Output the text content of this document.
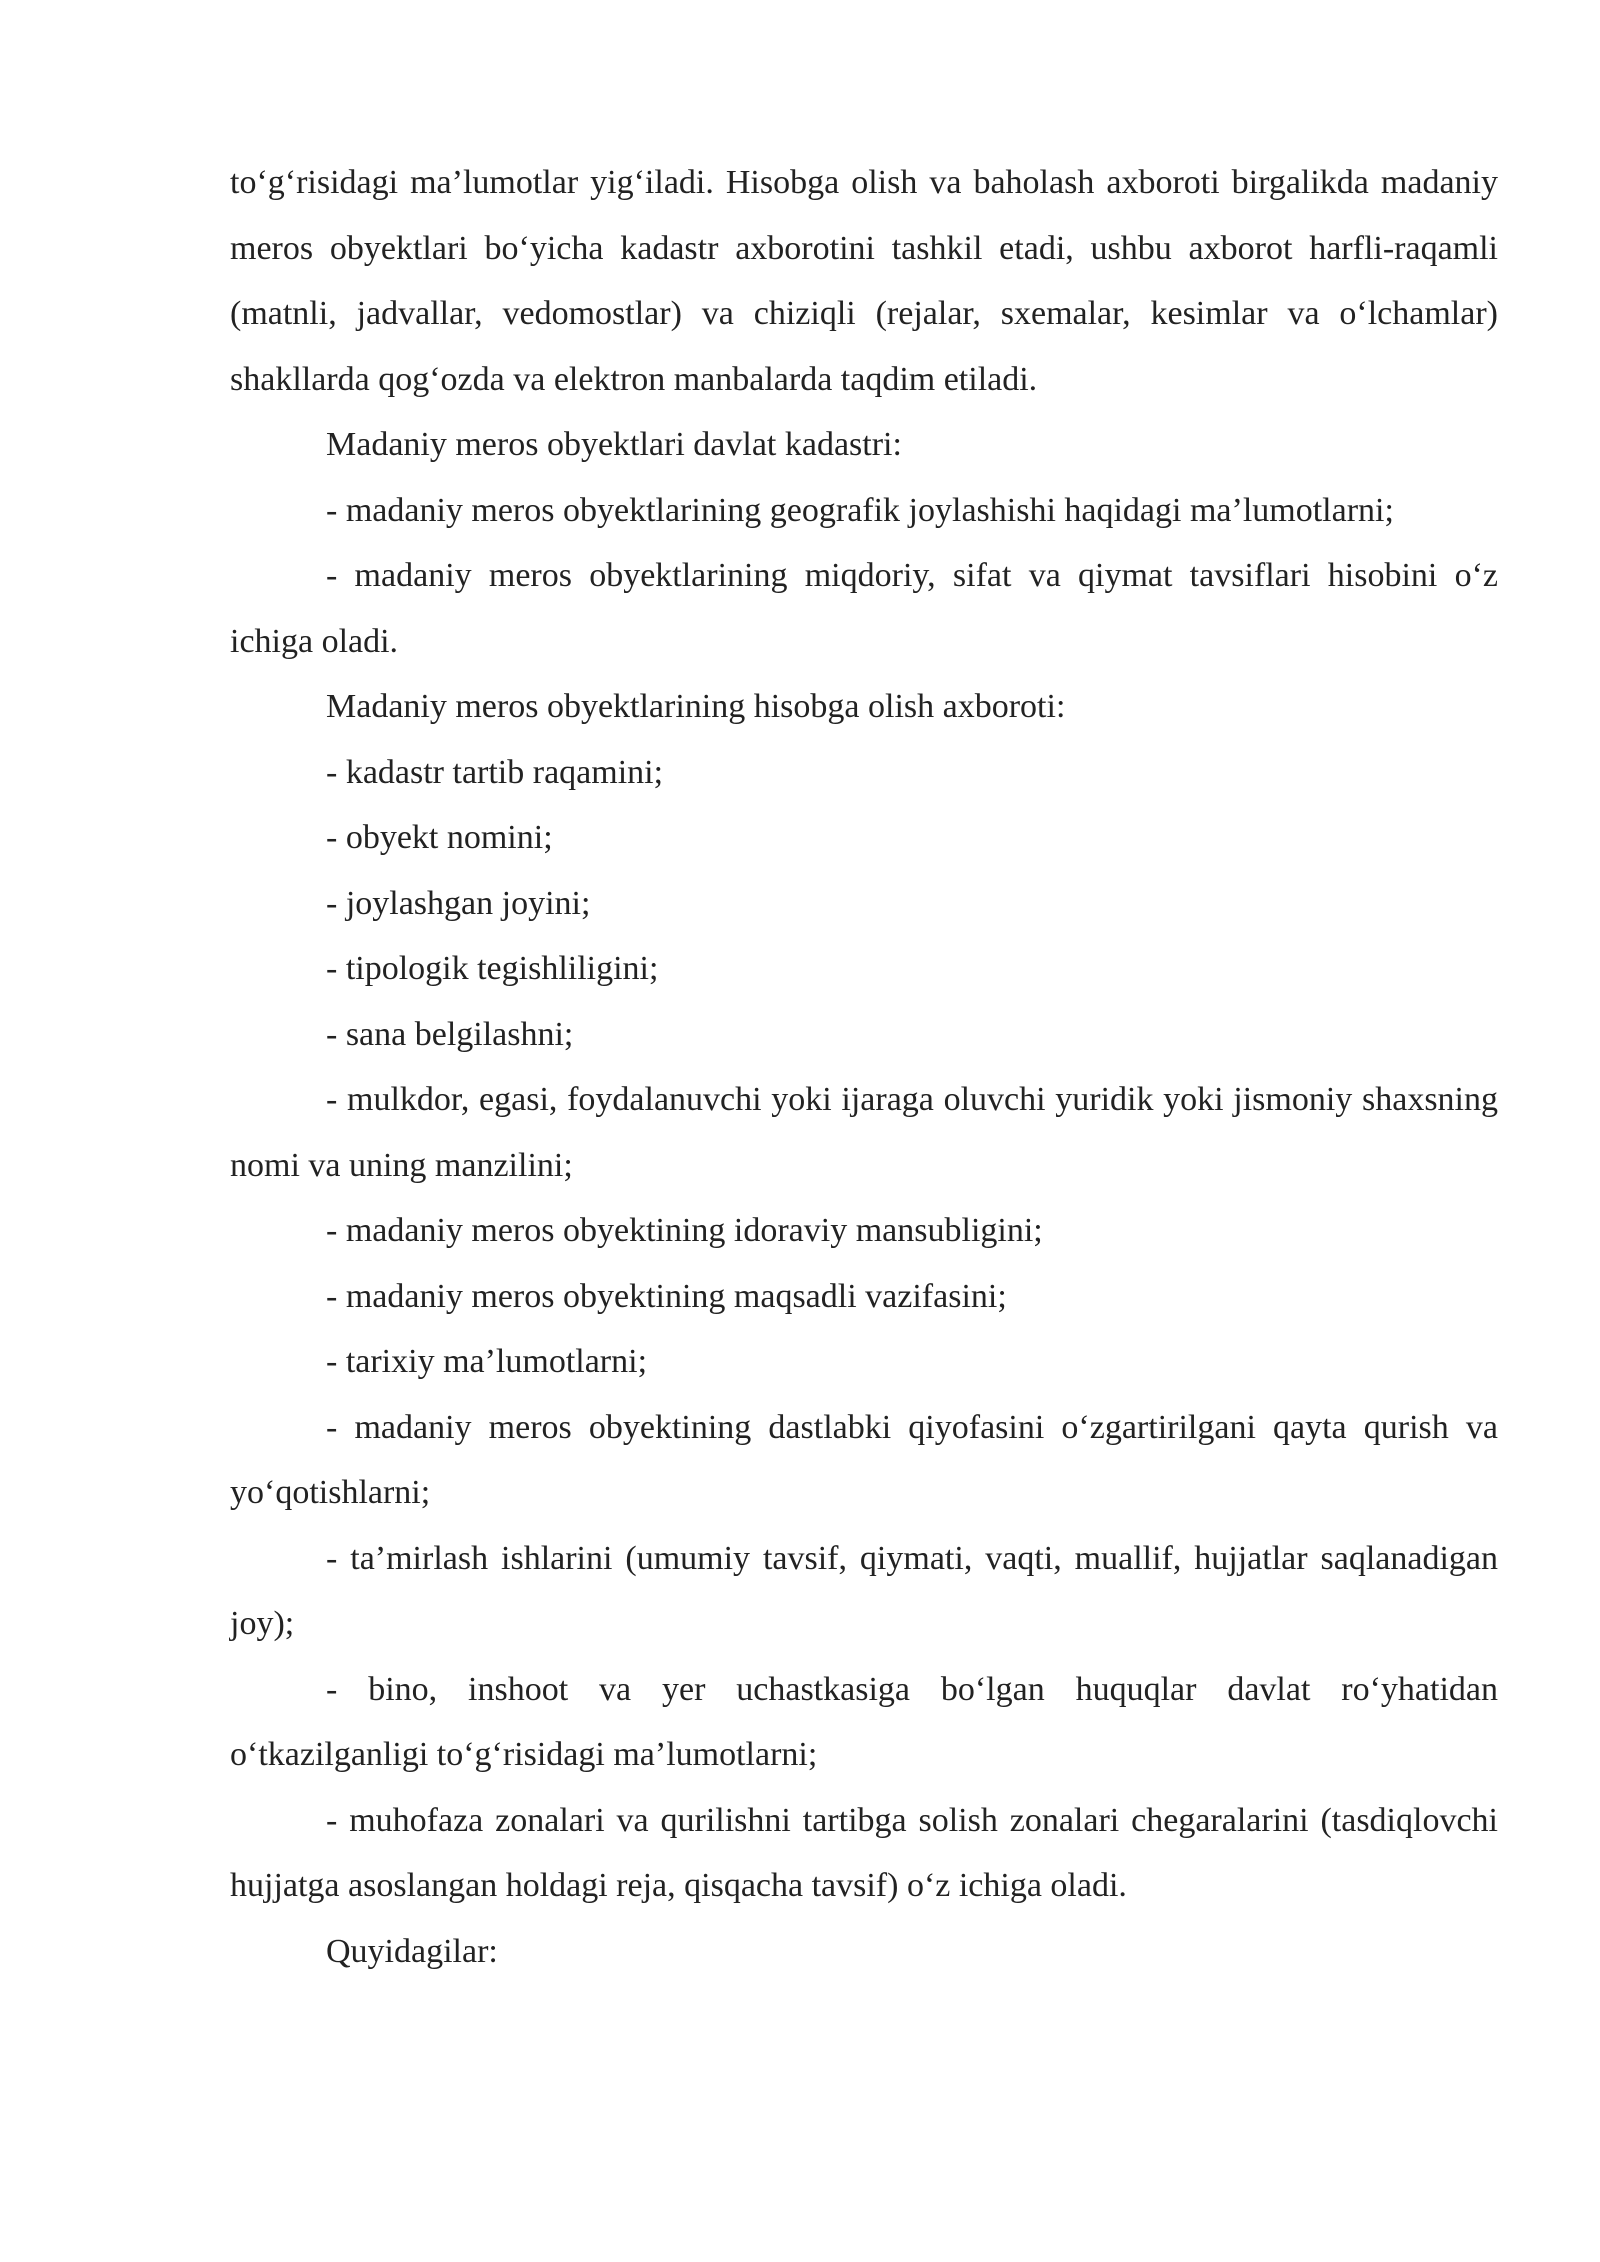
to‘g‘risidagi ma’lumotlar yig‘iladi. Hisobga olish va baholash axboroti birgalikda madaniy meros obyektlari bo‘yicha kadastr axborotini tashkil etadi, ushbu axborot harfli-raqamli (matnli, jadvallar, vedomostlar) va chiziqli (rejalar, sxemalar, kesimlar va o‘lchamlar) shakllarda qog‘ozda va elektron manbalarda taqdim etiladi.

Madaniy meros obyektlari davlat kadastri:

- madaniy meros obyektlarining geografik joylashishi haqidagi ma’lumotlarni;

- madaniy meros obyektlarining miqdoriy, sifat va qiymat tavsiflari hisobini o‘z ichiga oladi.

Madaniy meros obyektlarining hisobga olish axboroti:

- kadastr tartib raqamini;

- obyekt nomini;

- joylashgan joyini;

- tipologik tegishliligini;

- sana belgilashni;

- mulkdor, egasi, foydalanuvchi yoki ijaraga oluvchi yuridik yoki jismoniy shaxsning nomi va uning manzilini;

- madaniy meros obyektining idoraviy mansubligini;

- madaniy meros obyektining maqsadli vazifasini;

- tarixiy ma’lumotlarni;

- madaniy meros obyektining dastlabki qiyofasini o‘zgartirilgani qayta qurish va yo‘qotishlarni;

- ta’mirlash ishlarini (umumiy tavsif, qiymati, vaqti, muallif, hujjatlar saqlanadigan joy);

- bino, inshoot va yer uchastkasiga bo‘lgan huquqlar davlat ro‘yhatidan o‘tkazilganligi to‘g‘risidagi ma’lumotlarni;

- muhofaza zonalari va qurilishni tartibga solish zonalari chegaralarini (tasdiqlovchi hujjatga asoslangan holdagi reja, qisqacha tavsif) o‘z ichiga oladi.

Quyidagilar:
